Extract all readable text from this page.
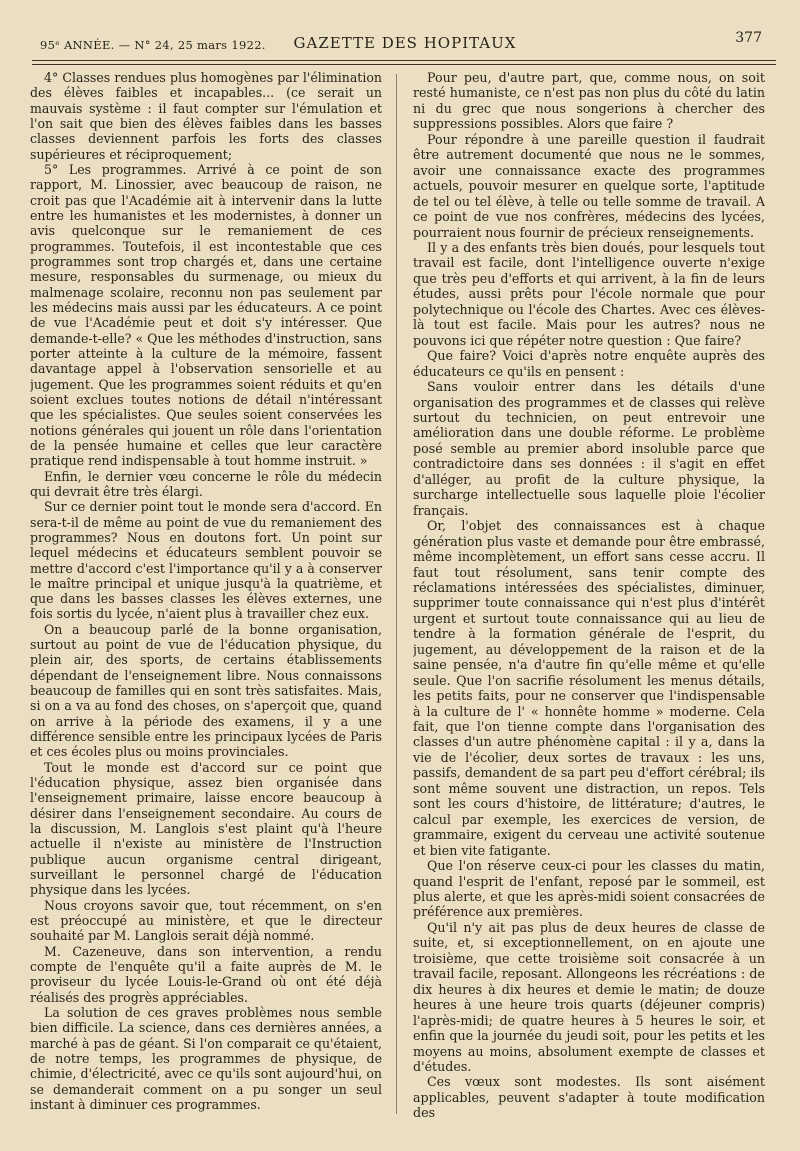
95ᵉ ANNÉE. — N° 24, 25 mars 1922.	GAZETTE DES HOPITAUX	377

4° Classes rendues plus homogènes par l'élimination des élèves faibles et incapables... (ce serait un mauvais système : il faut compter sur l'émulation et l'on sait que bien des élèves faibles dans les basses classes deviennent parfois les forts des classes supérieures et réciproquement;

5° Les programmes. Arrivé à ce point de son rapport, M. Linossier, avec beaucoup de raison, ne croit pas que l'Académie ait à intervenir dans la lutte entre les humanistes et les modernistes, à donner un avis quelconque sur le remaniement de ces programmes. Toutefois, il est incontestable que ces programmes sont trop chargés et, dans une certaine mesure, responsables du surmenage, ou mieux du malmenage scolaire, reconnu non pas seulement par les médecins mais aussi par les éducateurs. A ce point de vue l'Académie peut et doit s'y intéresser. Que demande-t-elle? « Que les méthodes d'instruction, sans porter atteinte à la culture de la mémoire, fassent davantage appel à l'observation sensorielle et au jugement. Que les programmes soient réduits et qu'en soient exclues toutes notions de détail n'intéressant que les spécialistes. Que seules soient conservées les notions générales qui jouent un rôle dans l'orientation de la pensée humaine et celles que leur caractère pratique rend indispensable à tout homme instruit. »

Enfin, le dernier vœu concerne le rôle du médecin qui devrait être très élargi.

Sur ce dernier point tout le monde sera d'accord. En sera-t-il de même au point de vue du remaniement des programmes? Nous en doutons fort. Un point sur lequel médecins et éducateurs semblent pouvoir se mettre d'accord c'est l'importance qu'il y a à conserver le maître principal et unique jusqu'à la quatrième, et que dans les basses classes les élèves externes, une fois sortis du lycée, n'aient plus à travailler chez eux.

On a beaucoup parlé de la bonne organisation, surtout au point de vue de l'éducation physique, du plein air, des sports, de certains établissements dépendant de l'enseignement libre. Nous connaissons beaucoup de familles qui en sont très satisfaites. Mais, si on a va au fond des choses, on s'aperçoit que, quand on arrive à la période des examens, il y a une différence sensible entre les principaux lycées de Paris et ces écoles plus ou moins provinciales.

Tout le monde est d'accord sur ce point que l'éducation physique, assez bien organisée dans l'enseignement primaire, laisse encore beaucoup à désirer dans l'enseignement secondaire. Au cours de la discussion, M. Langlois s'est plaint qu'à l'heure actuelle il n'existe au ministère de l'Instruction publique aucun organisme central dirigeant, surveillant le personnel chargé de l'éducation physique dans les lycées.

Nous croyons savoir que, tout récemment, on s'en est préoccupé au ministère, et que le directeur souhaité par M. Langlois serait déjà nommé.

M. Cazeneuve, dans son intervention, a rendu compte de l'enquête qu'il a faite auprès de M. le proviseur du lycée Louis-le-Grand où ont été déjà réalisés des progrès appréciables.

La solution de ces graves problèmes nous semble bien difficile. La science, dans ces dernières années, a marché à pas de géant. Si l'on comparait ce qu'étaient, de notre temps, les programmes de physique, de chimie, d'électricité, avec ce qu'ils sont aujourd'hui, on se demanderait comment on a pu songer un seul instant à diminuer ces programmes.

Pour peu, d'autre part, que, comme nous, on soit resté humaniste, ce n'est pas non plus du côté du latin ni du grec que nous songerions à chercher des suppressions possibles. Alors que faire ?

Pour répondre à une pareille question il faudrait être autrement documenté que nous ne le sommes, avoir une connaissance exacte des programmes actuels, pouvoir mesurer en quelque sorte, l'aptitude de tel ou tel élève, à telle ou telle somme de travail. A ce point de vue nos confrères, médecins des lycées, pourraient nous fournir de précieux renseignements.

Il y a des enfants très bien doués, pour lesquels tout travail est facile, dont l'intelligence ouverte n'exige que très peu d'efforts et qui arrivent, à la fin de leurs études, aussi prêts pour l'école normale que pour polytechnique ou l'école des Chartes. Avec ces élèves-là tout est facile. Mais pour les autres? nous ne pouvons ici que répéter notre question : Que faire?

Que faire? Voici d'après notre enquête auprès des éducateurs ce qu'ils en pensent :

Sans vouloir entrer dans les détails d'une organisation des programmes et de classes qui relève surtout du technicien, on peut entrevoir une amélioration dans une double réforme. Le problème posé semble au premier abord insoluble parce que contradictoire dans ses données : il s'agit en effet d'alléger, au profit de la culture physique, la surcharge intellectuelle sous laquelle ploie l'écolier français.

Or, l'objet des connaissances est à chaque génération plus vaste et demande pour être embrassé, même incomplètement, un effort sans cesse accru. Il faut tout résolument, sans tenir compte des réclamations intéressées des spécialistes, diminuer, supprimer toute connaissance qui n'est plus d'intérêt urgent et surtout toute connaissance qui au lieu de tendre à la formation générale de l'esprit, du jugement, au développement de la raison et de la saine pensée, n'a d'autre fin qu'elle même et qu'elle seule. Que l'on sacrifie résolument les menus détails, les petits faits, pour ne conserver que l'indispensable à la culture de l' « honnête homme » moderne. Cela fait, que l'on tienne compte dans l'organisation des classes d'un autre phénomène capital : il y a, dans la vie de l'écolier, deux sortes de travaux : les uns, passifs, demandent de sa part peu d'effort cérébral; ils sont même souvent une distraction, un repos. Tels sont les cours d'histoire, de littérature; d'autres, le calcul par exemple, les exercices de version, de grammaire, exigent du cerveau une activité soutenue et bien vite fatigante.

Que l'on réserve ceux-ci pour les classes du matin, quand l'esprit de l'enfant, reposé par le sommeil, est plus alerte, et que les après-midi soient consacrées de préférence aux premières.

Qu'il n'y ait pas plus de deux heures de classe de suite, et, si exceptionnellement, on en ajoute une troisième, que cette troisième soit consacrée à un travail facile, reposant. Allongeons les récréations : de dix heures à dix heures et demie le matin; de douze heures à une heure trois quarts (déjeuner compris) l'après-midi; de quatre heures à 5 heures le soir, et enfin que la journée du jeudi soit, pour les petits et les moyens au moins, absolument exempte de classes et d'études.

Ces vœux sont modestes. Ils sont aisément applicables, peuvent s'adapter à toute modification des
